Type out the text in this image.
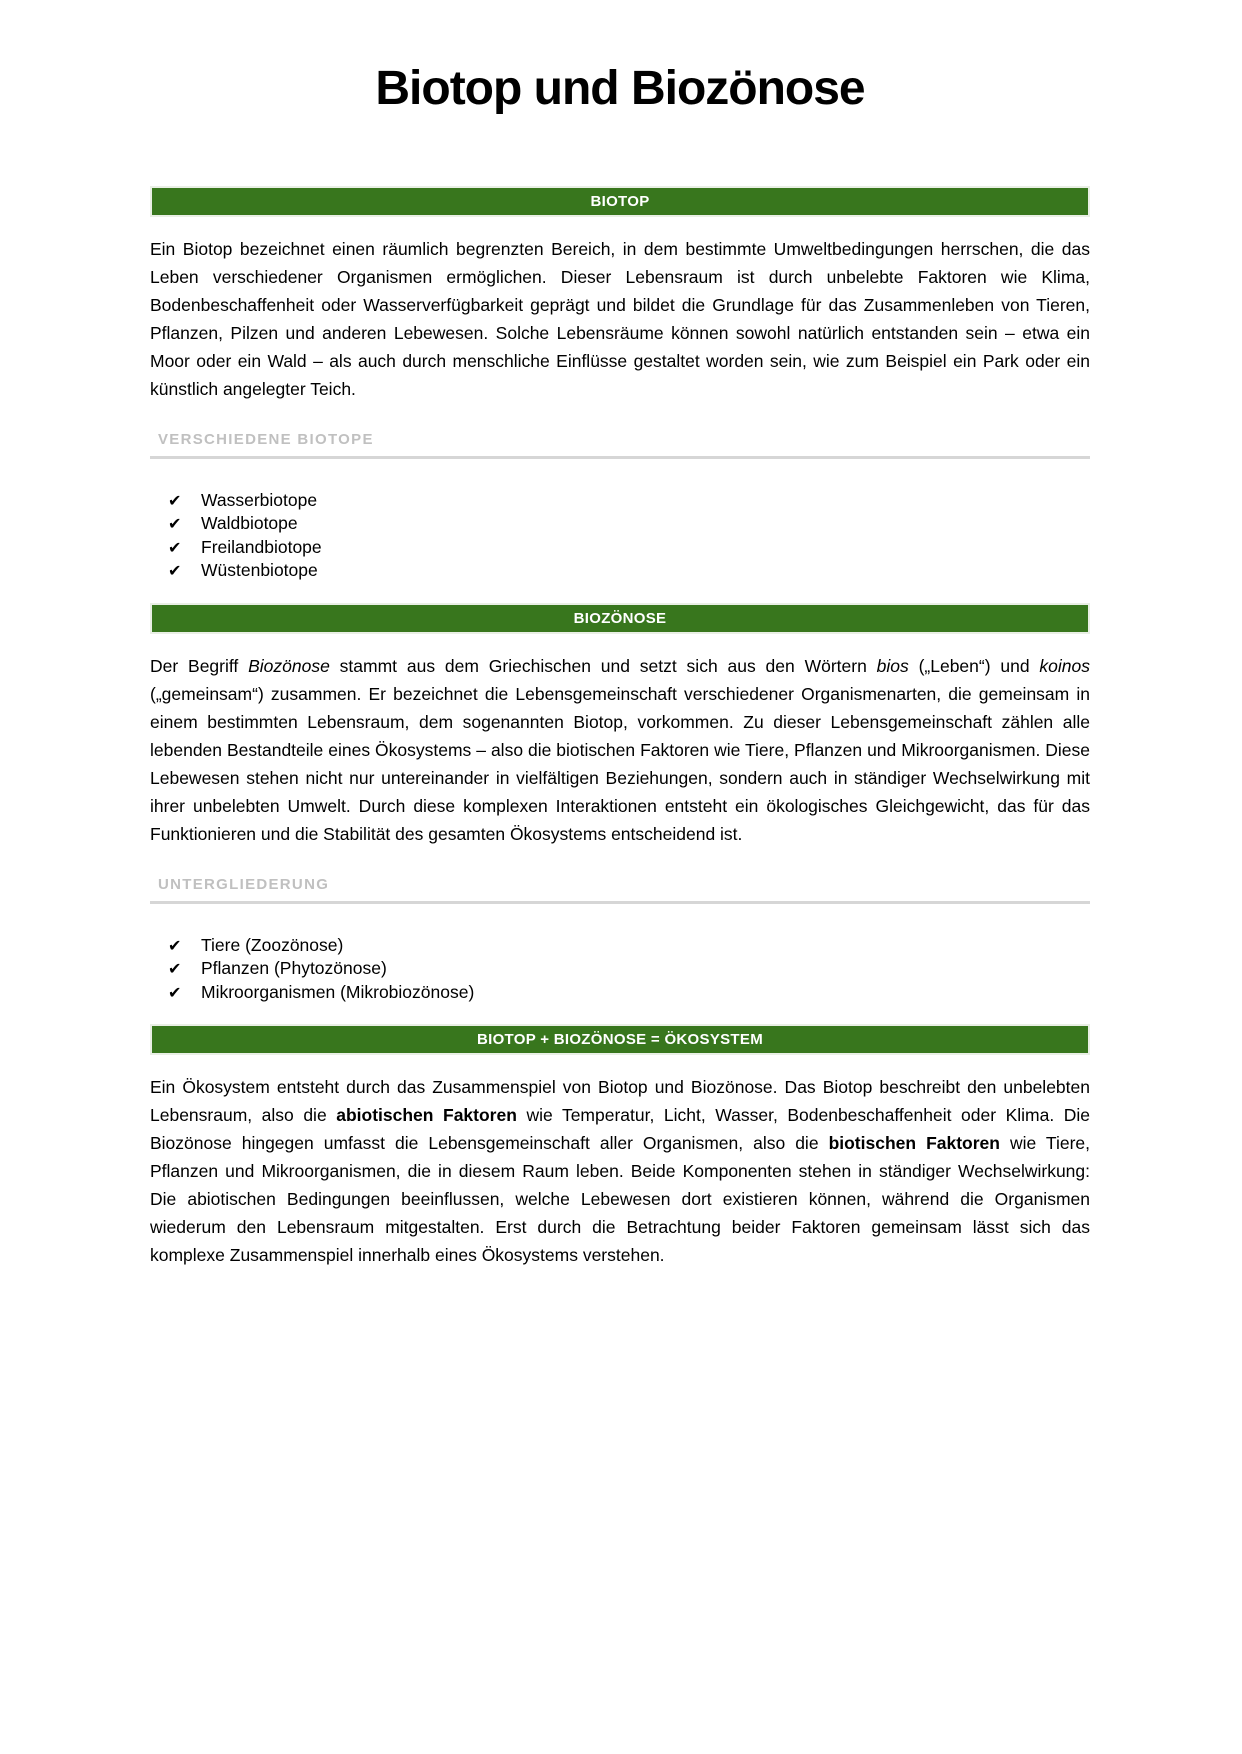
Biotop und Biozönose
BIOTOP

Ein Biotop bezeichnet einen räumlich begrenzten Bereich, in dem bestimmte Umweltbedingungen herrschen, die das Leben verschiedener Organismen ermöglichen. Dieser Lebensraum ist durch unbelebte Faktoren wie Klima, Bodenbeschaffenheit oder Wasserverfügbarkeit geprägt und bildet die Grundlage für das Zusammenleben von Tieren, Pflanzen, Pilzen und anderen Lebewesen. Solche Lebensräume können sowohl natürlich entstanden sein – etwa ein Moor oder ein Wald – als auch durch menschliche Einflüsse gestaltet worden sein, wie zum Beispiel ein Park oder ein künstlich angelegter Teich.

VERSCHIEDENE BIOTOPE
✔	Wasserbiotope
✔	Waldbiotope
✔	Freilandbiotope
✔	Wüstenbiotope
BIOZÖNOSE

Der Begriff Biozönose stammt aus dem Griechischen und setzt sich aus den Wörtern bios („Leben“) und koinos („gemeinsam“) zusammen. Er bezeichnet die Lebensgemeinschaft verschiedener Organismenarten, die gemeinsam in einem bestimmten Lebensraum, dem sogenannten Biotop, vorkommen. Zu dieser Lebensgemeinschaft zählen alle lebenden Bestandteile eines Ökosystems – also die biotischen Faktoren wie Tiere, Pflanzen und Mikroorganismen. Diese Lebewesen stehen nicht nur untereinander in vielfältigen Beziehungen, sondern auch in ständiger Wechselwirkung mit ihrer unbelebten Umwelt. Durch diese komplexen Interaktionen entsteht ein ökologisches Gleichgewicht, das für das Funktionieren und die Stabilität des gesamten Ökosystems entscheidend ist.

UNTERGLIEDERUNG
✔	Tiere (Zoozönose)
✔	Pflanzen (Phytozönose)
✔	Mikroorganismen (Mikrobiozönose)
BIOTOP + BIOZÖNOSE = ÖKOSYSTEM

Ein Ökosystem entsteht durch das Zusammenspiel von Biotop und Biozönose. Das Biotop beschreibt den unbelebten Lebensraum, also die abiotischen Faktoren wie Temperatur, Licht, Wasser, Bodenbeschaffenheit oder Klima. Die Biozönose hingegen umfasst die Lebensgemeinschaft aller Organismen, also die biotischen Faktoren wie Tiere, Pflanzen und Mikroorganismen, die in diesem Raum leben. Beide Komponenten stehen in ständiger Wechselwirkung: Die abiotischen Bedingungen beeinflussen, welche Lebewesen dort existieren können, während die Organismen wiederum den Lebensraum mitgestalten. Erst durch die Betrachtung beider Faktoren gemeinsam lässt sich das komplexe Zusammenspiel innerhalb eines Ökosystems verstehen.
